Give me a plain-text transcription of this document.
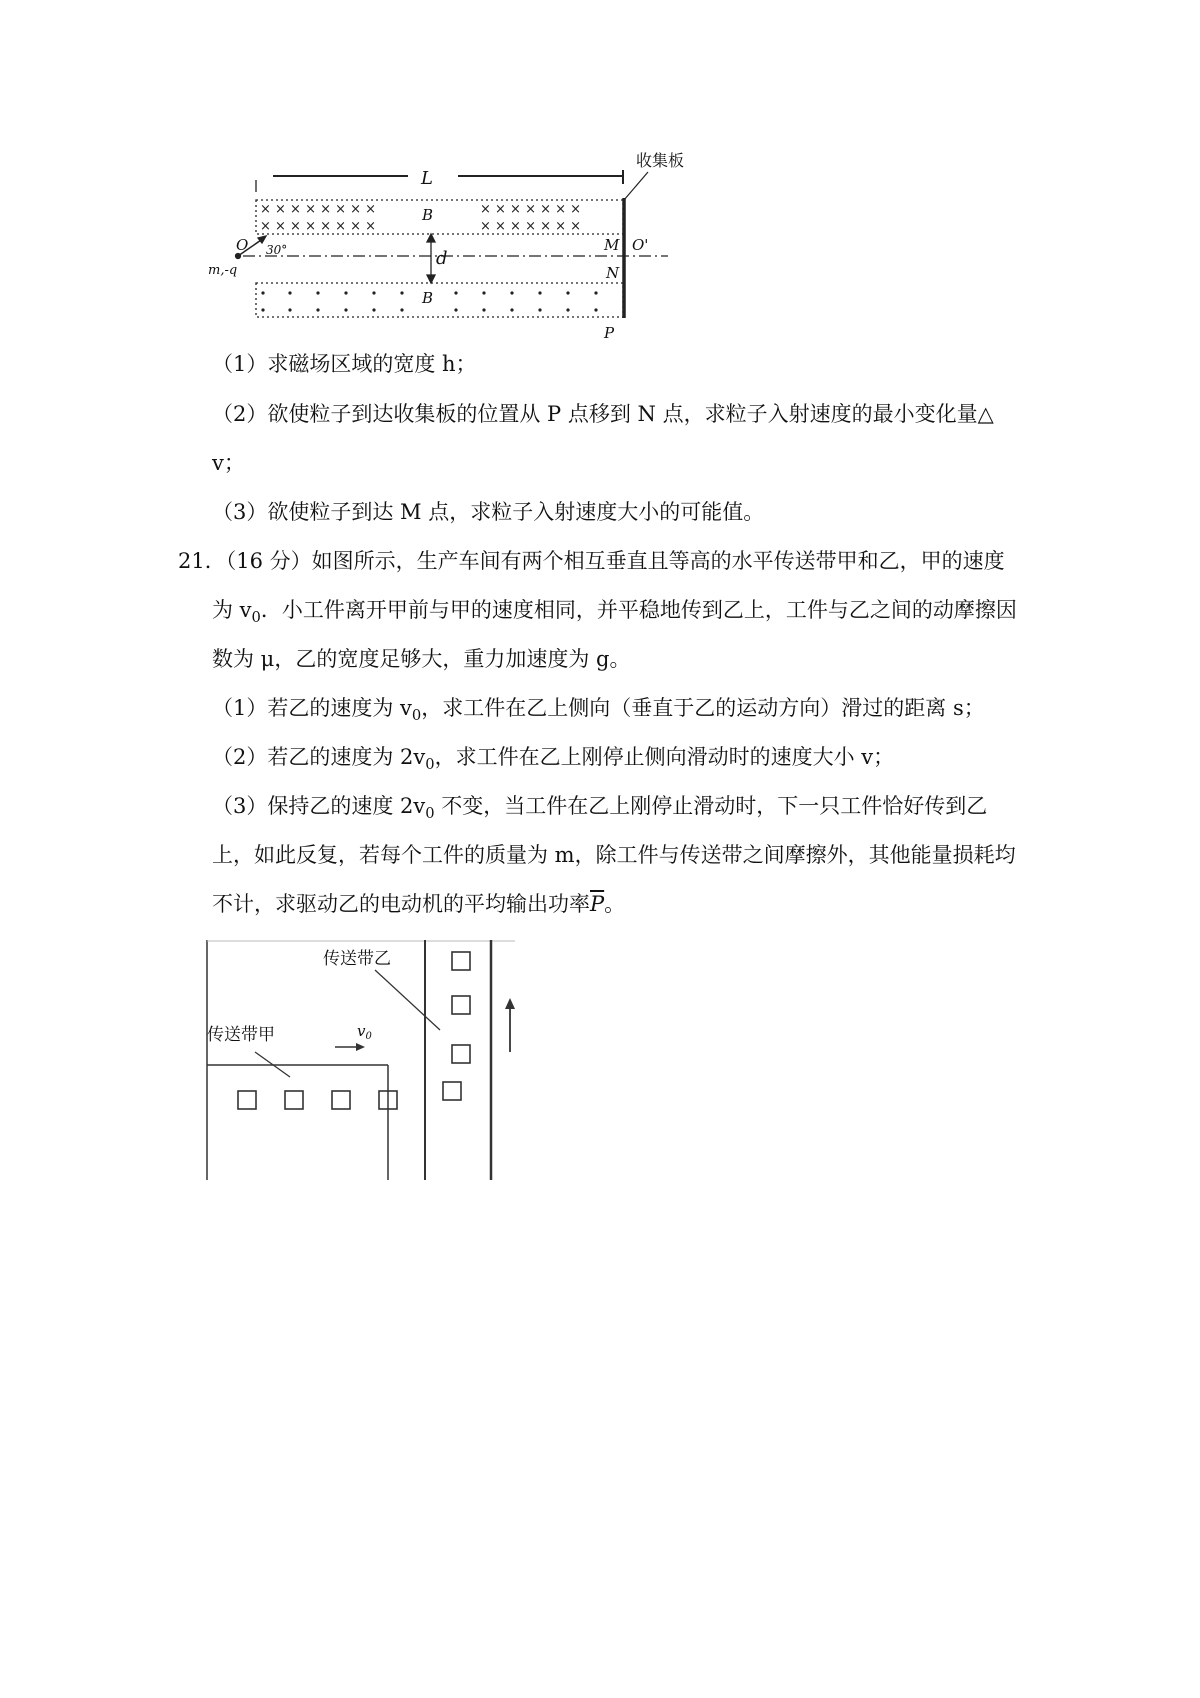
× × × × × × × ×
× × × × × × × ×
× × × × × × ×
× × × × × × ×
L
B
B
O	O'
30°
m,-q
d
M
N
P
收集板
（1）求磁场区域的宽度 h；
（2）欲使粒子到达收集板的位置从 P 点移到 N 点，求粒子入射速度的最小变化量△
v；
（3）欲使粒子到达 M 点，求粒子入射速度大小的可能值。
21．（16 分）如图所示，生产车间有两个相互垂直且等高的水平传送带甲和乙，甲的速度
为 $v_0$．小工件离开甲前与甲的速度相同，并平稳地传到乙上，工件与乙之间的动摩擦因
数为 μ，乙的宽度足够大，重力加速度为 g。
（1）若乙的速度为 $v_0$，求工件在乙上侧向（垂直于乙的运动方向）滑过的距离 s；
（2）若乙的速度为 $2v_0$，求工件在乙上刚停止侧向滑动时的速度大小 v；
（3）保持乙的速度 $2v_0$ 不变，当工件在乙上刚停止滑动时，下一只工件恰好传到乙
上，如此反复，若每个工件的质量为 m，除工件与传送带之间摩擦外，其他能量损耗均
不计，求驱动乙的电动机的平均输出功率$\overline{P}$。
传送带乙
传送带甲	$v_0$
